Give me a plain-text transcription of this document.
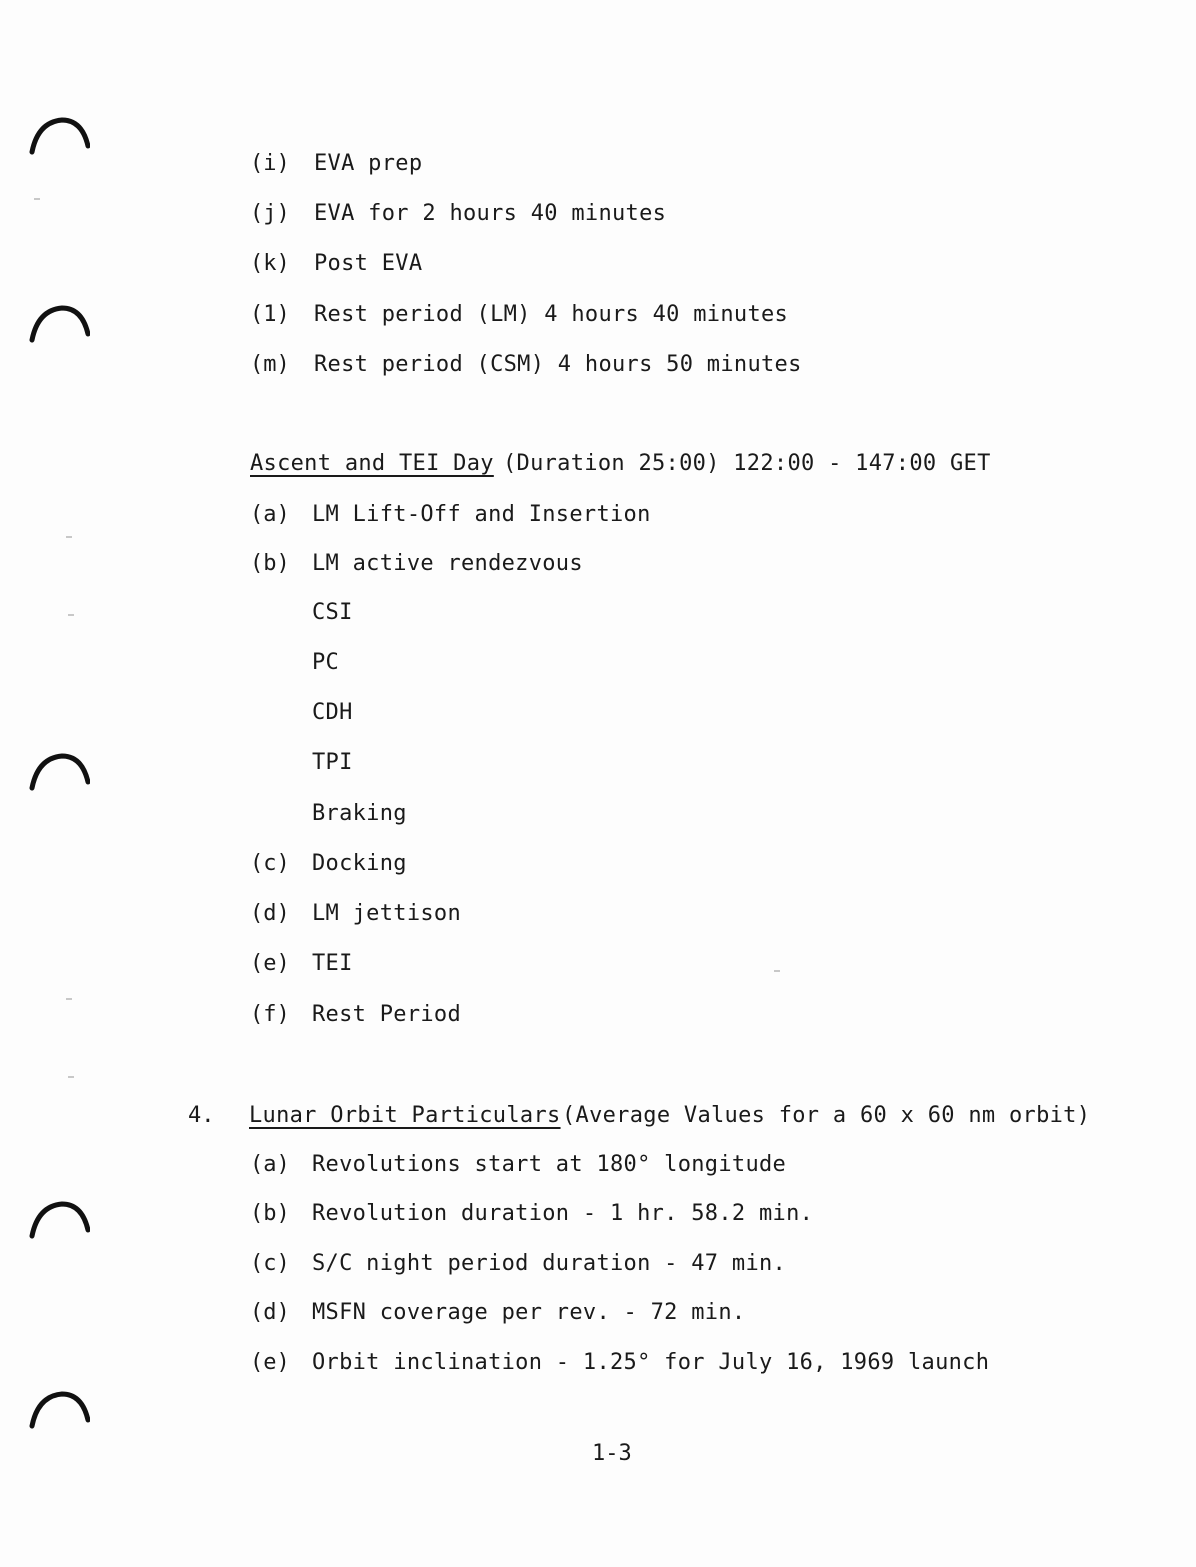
(i) EVA prep
(j) EVA for 2 hours 40 minutes
(k) Post EVA
(1) Rest period (LM) 4 hours 40 minutes
(m) Rest period (CSM) 4 hours 50 minutes
Ascent and TEI Day (Duration 25:00) 122:00 - 147:00 GET
(a) LM Lift-Off and Insertion
(b) LM active rendezvous
CSI
PC
CDH
TPI
Braking
(c) Docking
(d) LM jettison
(e) TEI
(f) Rest Period
4. Lunar Orbit Particulars (Average Values for a 60 x 60 nm orbit)
(a) Revolutions start at 180° longitude
(b) Revolution duration - 1 hr. 58.2 min.
(c) S/C night period duration - 47 min.
(d) MSFN coverage per rev. - 72 min.
(e) Orbit inclination - 1.25° for July 16, 1969 launch
1-3
